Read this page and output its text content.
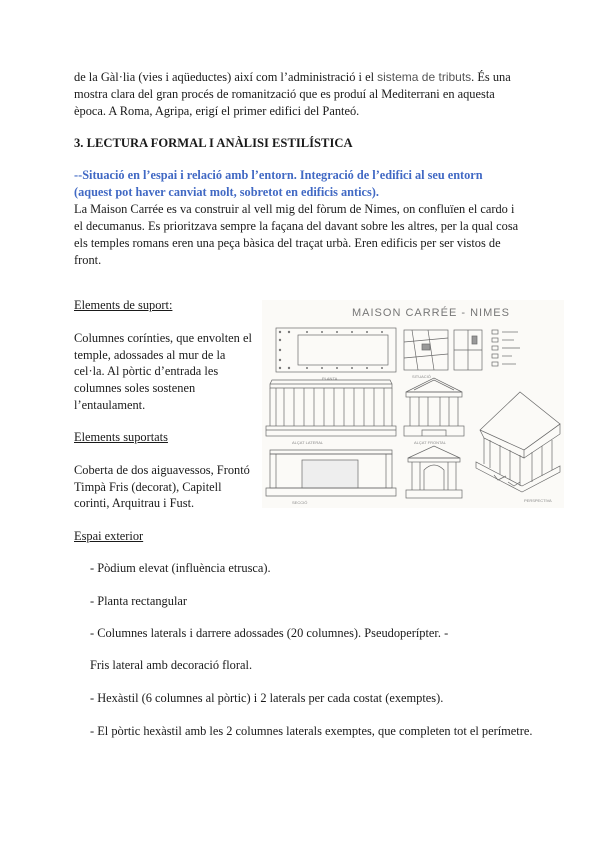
de la Gàl·lia (vies i aqüeductes) així com l’administració i el sistema de tributs. És una

mostra clara del gran procés de romanització que es produí al Mediterrani en aquesta

època. A Roma, Agripa, erigí el primer edifici del Panteó.

3. LECTURA FORMAL I ANÀLISI ESTILÍSTICA

--Situació en l’espai i relació amb l’entorn. Integració de l’edifici al seu entorn

(aquest pot haver canviat molt, sobretot en edificis antics).

La Maison Carrée es va construir al vell mig del fòrum de Nimes, on confluïen el cardo i

el decumanus. Es prioritzava sempre la façana del davant sobre les altres, per la qual cosa

els temples romans eren una peça bàsica del traçat urbà. Eren edificis per ser vistos de

front.

Elements de suport:

Columnes corínties, que envolten el

temple, adossades al mur de la

cel·la. Al pòrtic d’entrada les

columnes soles sostenen

l’entaulament.

Elements suportats

Coberta de dos aiguavessos, Frontó

Timpà Fris (decorat), Capitell

corinti, Arquitrau i Fust.

Espai exterior

- Pòdium elevat (influència etrusca).

- Planta rectangular

- Columnes laterals i darrere adossades (20 columnes). Pseudoperípter. -

Fris lateral amb decoració floral.

- Hexàstil (6 columnes al pòrtic) i 2 laterals per cada costat (exemptes).

- El pòrtic hexàstil amb les 2 columnes laterals exemptes, que completen tot el perímetre.

MAISON CARRÉE - NIMES
PLANTA	SITUACIÓ
ALÇAT LATERAL	ALÇAT FRONTAL
SECCIÓ	PERSPECTIVA
